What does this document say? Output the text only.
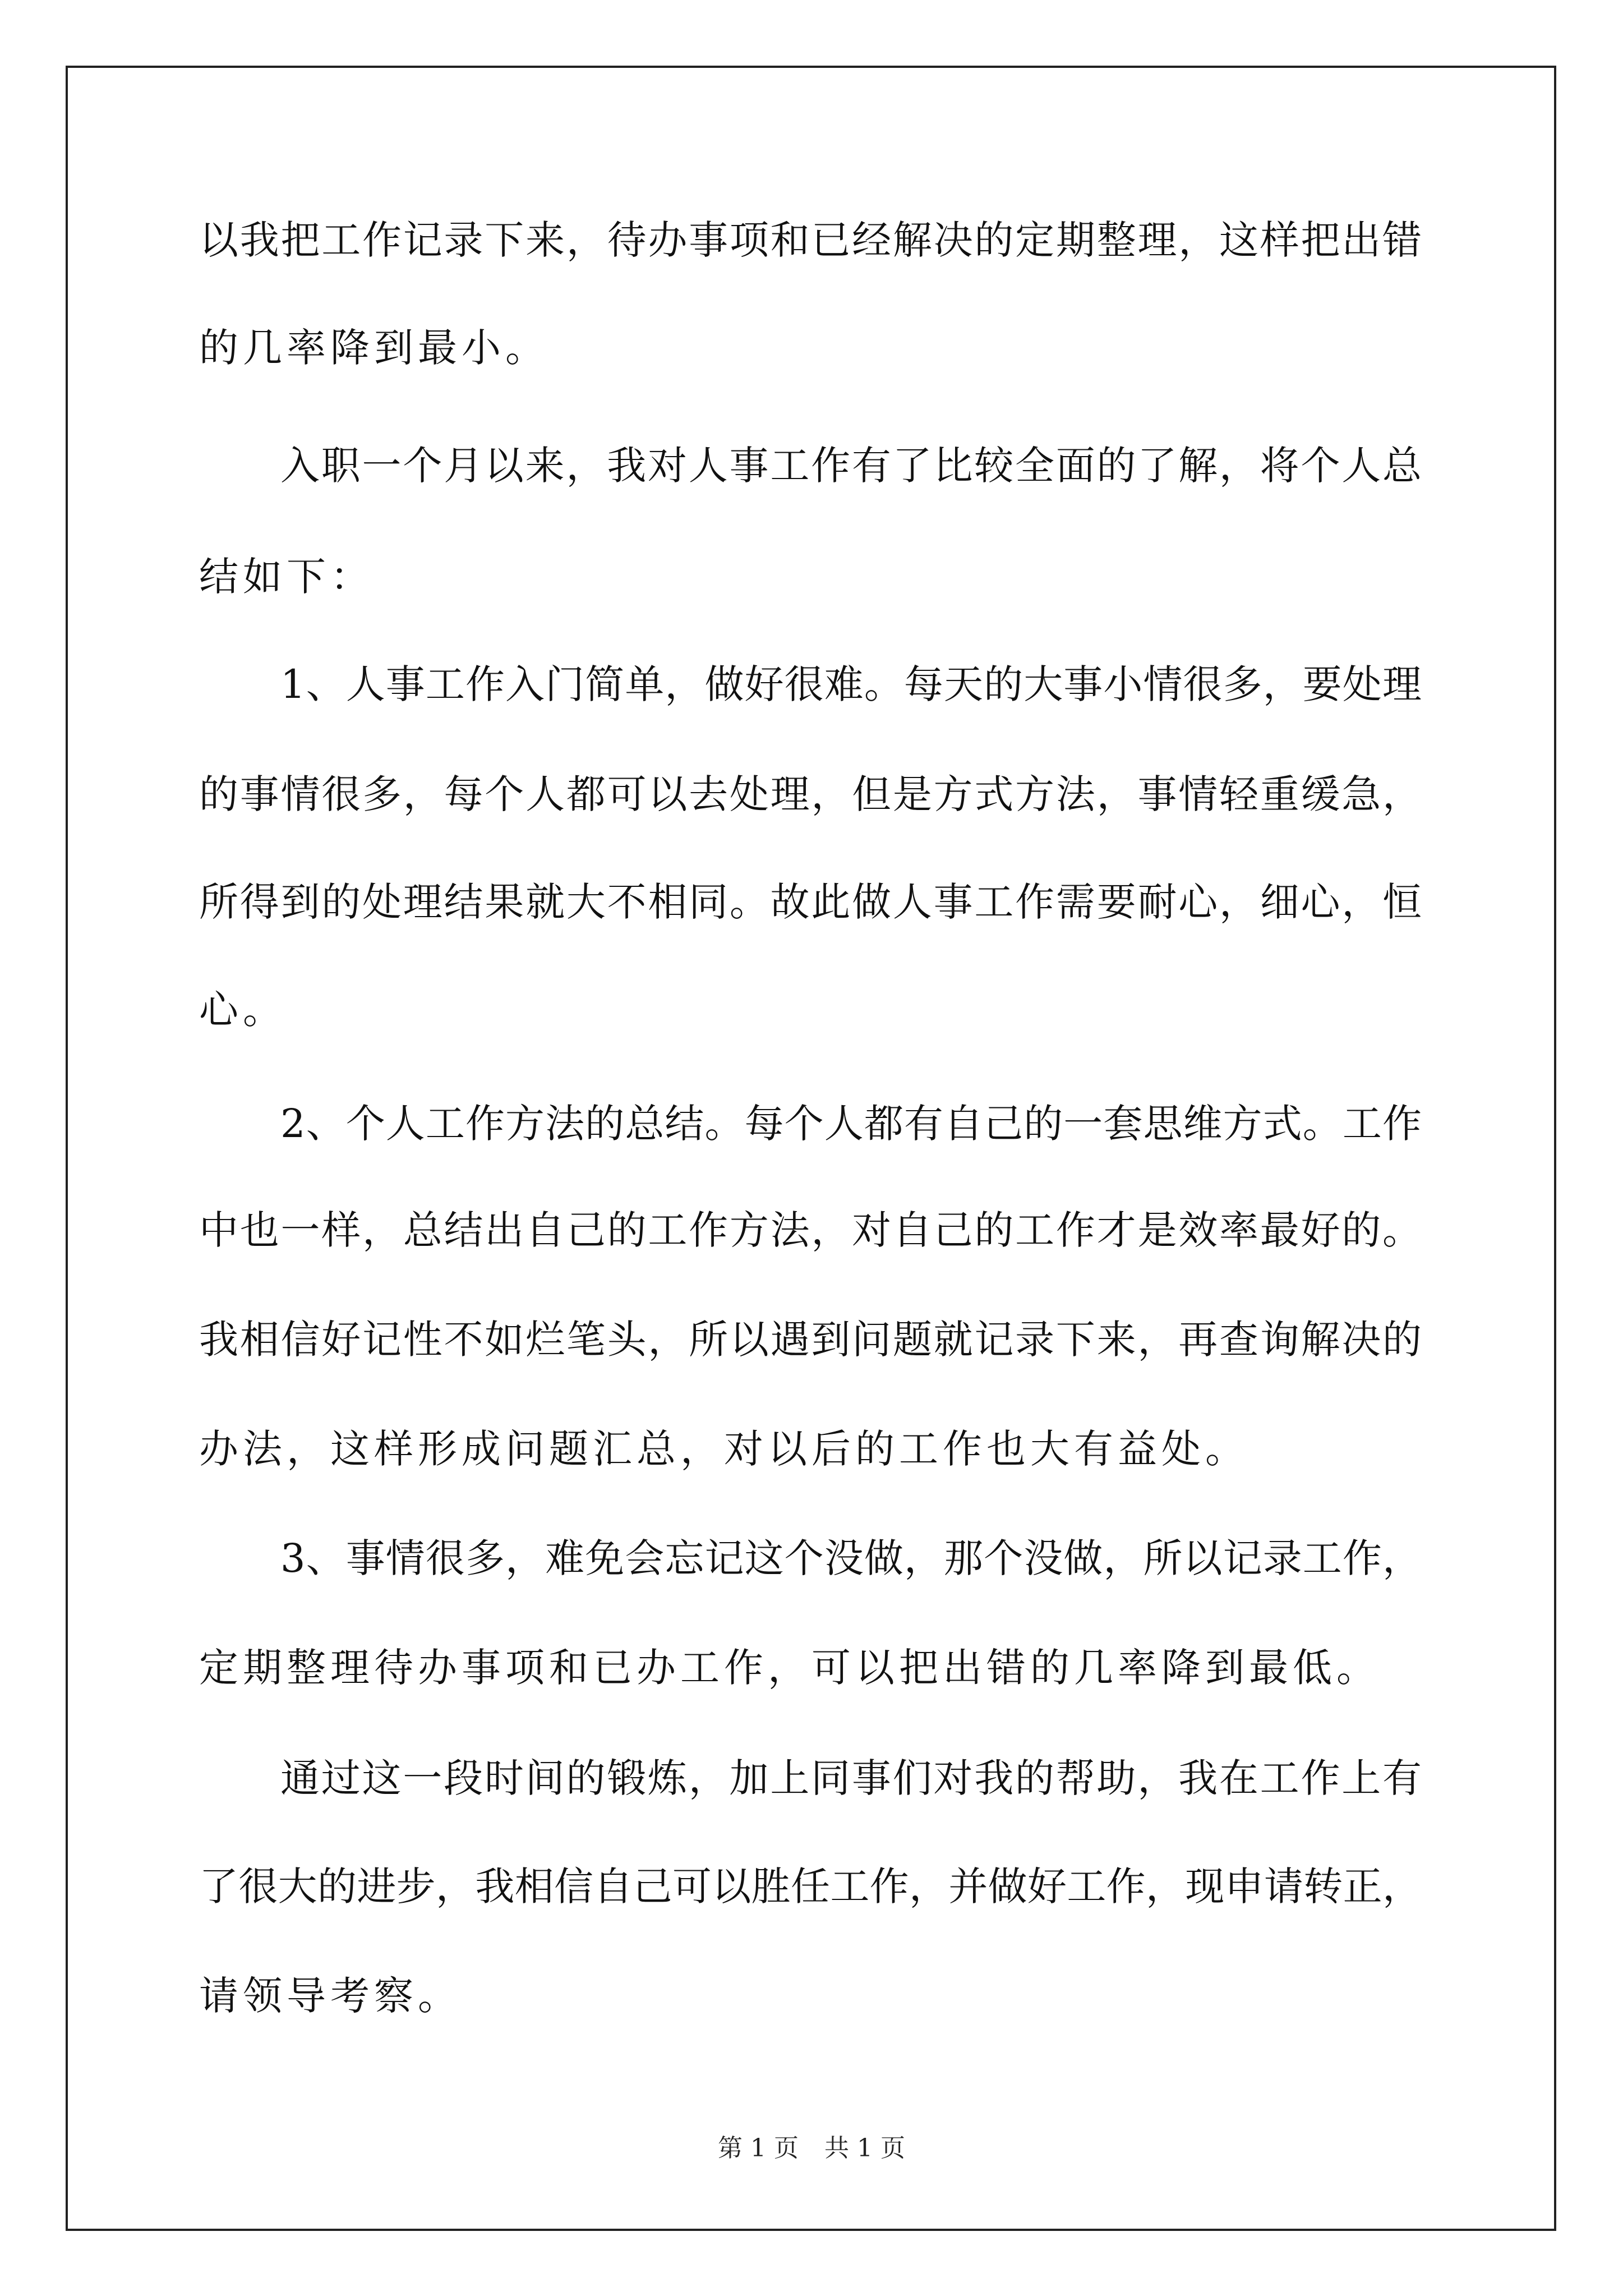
以我把工作记录下来，待办事项和已经解决的定期整理，这样把出错
的几率降到最小。
入职一个月以来，我对人事工作有了比较全面的了解，将个人总
结如下：
1、人事工作入门简单，做好很难。每天的大事小情很多，要处理
的事情很多，每个人都可以去处理，但是方式方法，事情轻重缓急，
所得到的处理结果就大不相同。故此做人事工作需要耐心，细心，恒
心。
2、个人工作方法的总结。每个人都有自己的一套思维方式。工作
中也一样，总结出自己的工作方法，对自己的工作才是效率最好的。
我相信好记性不如烂笔头，所以遇到问题就记录下来，再查询解决的
办法，这样形成问题汇总，对以后的工作也大有益处。
3、事情很多，难免会忘记这个没做，那个没做，所以记录工作，
定期整理待办事项和已办工作，可以把出错的几率降到最低。
通过这一段时间的锻炼，加上同事们对我的帮助，我在工作上有
了很大的进步，我相信自己可以胜任工作，并做好工作，现申请转正，
请领导考察。
第 1 页 共 1 页
